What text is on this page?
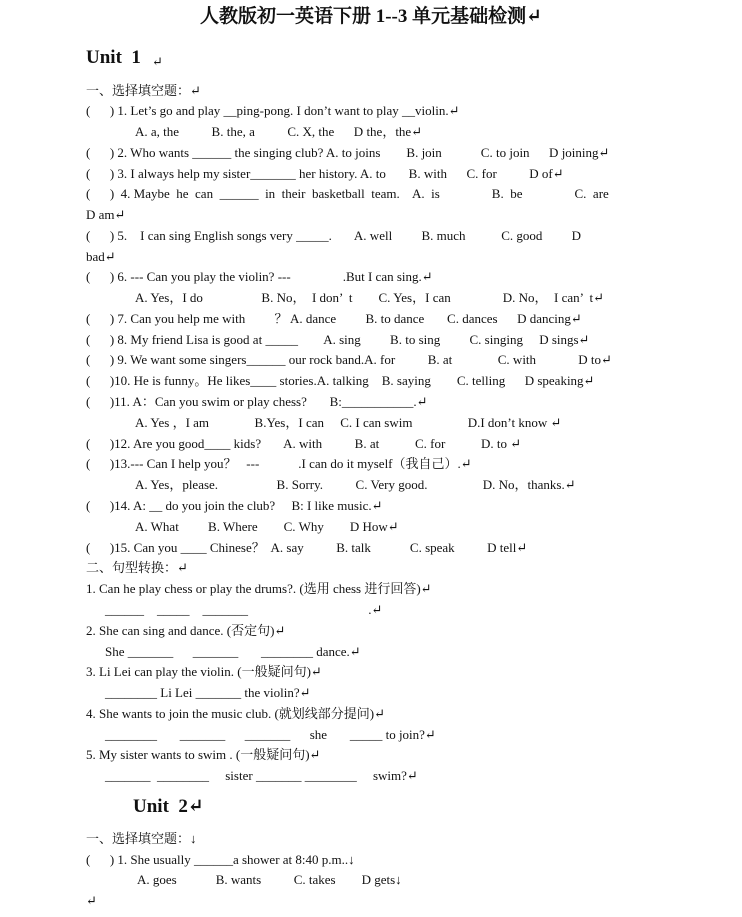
人教版初一英语下册 1--3 单元基础检测↵
Unit  1 ↵
一、选择填空题：↵
(      ) 1. Let’s go and play __ping-pong. I don’t want to play __violin.↵
A. a, the          B. the, a          C. X, the      D the，the↵
(      ) 2. Who wants ______ the singing club? A. to joins        B. join            C. to join      D joining↵
(      ) 3. I always help my sister_______ her history. A. to       B. with      C. for          D of↵
(      )  4. Maybe  he  can  ______  in  their  basketball  team.    A.  is                B.  be                C.  are
D am↵
(      ) 5.    I can sing English songs very _____.       A. well         B. much           C. good         D
bad↵
(      ) 6. --- Can you play the violin? ---                .But I can sing.↵
A. Yes，I do                  B. No，  I don’  t        C. Yes，I can                D. No，  I can’  t↵
(      ) 7. Can you help me with         ？ A. dance         B. to dance       C. dances      D dancing↵
(      ) 8. My friend Lisa is good at _____        A. sing         B. to sing         C. singing     D sings↵
(      ) 9. We want some singers______ our rock band.A. for          B. at              C. with             D to↵
(      )10. He is funny。He likes____ stories.A. talking    B. saying        C. telling      D speaking↵
(      )11. A：Can you swim or play chess?       B:___________.↵
A. Yes ，I am              B.Yes，I can     C. I can swim                 D.I don’t know ↵
(      )12. Are you good____ kids?       A. with          B. at           C. for           D. to ↵
(      )13.--- Can I help you？   ---            .I can do it myself（我自己）.↵
A. Yes，please.                  B. Sorry.          C. Very good.                 D. No，thanks.↵
(      )14. A: __ do you join the club?     B: I like music.↵
A. What         B. Where        C. Why        D How↵
(      )15. Can you ____ Chinese？  A. say          B. talk            C. speak          D tell↵
二、句型转换：↵
1. Can he play chess or play the drums?. (选用 chess 进行回答)↵
______    _____    _______                                     .↵
2. She can sing and dance. (否定句)↵
She _______      _______       ________ dance.↵
3. Li Lei can play the violin. (一般疑问句)↵
________ Li Lei _______ the violin?↵
4. She wants to join the music club. (就划线部分提问)↵
________       _______      _______      she       _____ to join?↵
5. My sister wants to swim . (一般疑问句)↵
_______  ________     sister _______ ________     swim?↵
Unit  2↵
一、选择填空题：↓
(      ) 1. She usually ______a shower at 8:40 p.m..↓
A. goes            B. wants          C. takes        D gets↓
↵
